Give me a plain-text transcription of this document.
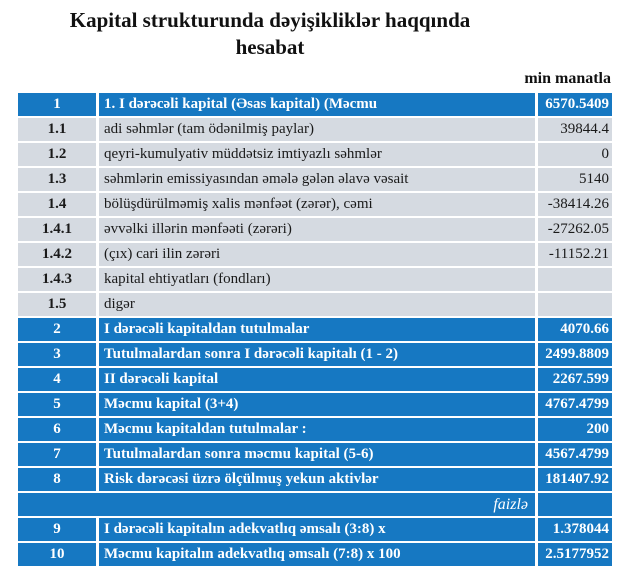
Kapital strukturunda dəyişikliklər haqqında
hesabat
min manatla
1	1. I dərəcəli kapital (Əsas kapital) (Məcmu	6570.5409
1.1	adi səhmlər (tam ödənilmiş paylar)	39844.4
1.2	qeyri-kumulyativ müddətsiz imtiyazlı səhmlər	0
1.3	səhmlərin emissiyasından əmələ gələn əlavə vəsait	5140
1.4	bölüşdürülməmiş xalis mənfəət (zərər), cəmi	-38414.26
1.4.1	əvvəlki illərin mənfəəti (zərəri)	-27262.05
1.4.2	(çıx) cari ilin zərəri	-11152.21
1.4.3	kapital ehtiyatları (fondları)	
1.5	digər	
2	I dərəcəli kapitaldan tutulmalar	4070.66
3	Tutulmalardan sonra I dərəcəli kapitalı (1 - 2)	2499.8809
4	II dərəcəli kapital	2267.599
5	Məcmu kapital (3+4)	4767.4799
6	Məcmu kapitaldan tutulmalar :	200
7	Tutulmalardan sonra məcmu kapital (5-6)	4567.4799
8	Risk dərəcəsi üzrə ölçülmuş yekun aktivlər	181407.92
faizlə		
9	I dərəcəli kapitalın adekvatlıq əmsalı (3:8) x	1.378044
10	Məcmu kapitalın adekvatlıq əmsalı (7:8) x 100	2.5177952
